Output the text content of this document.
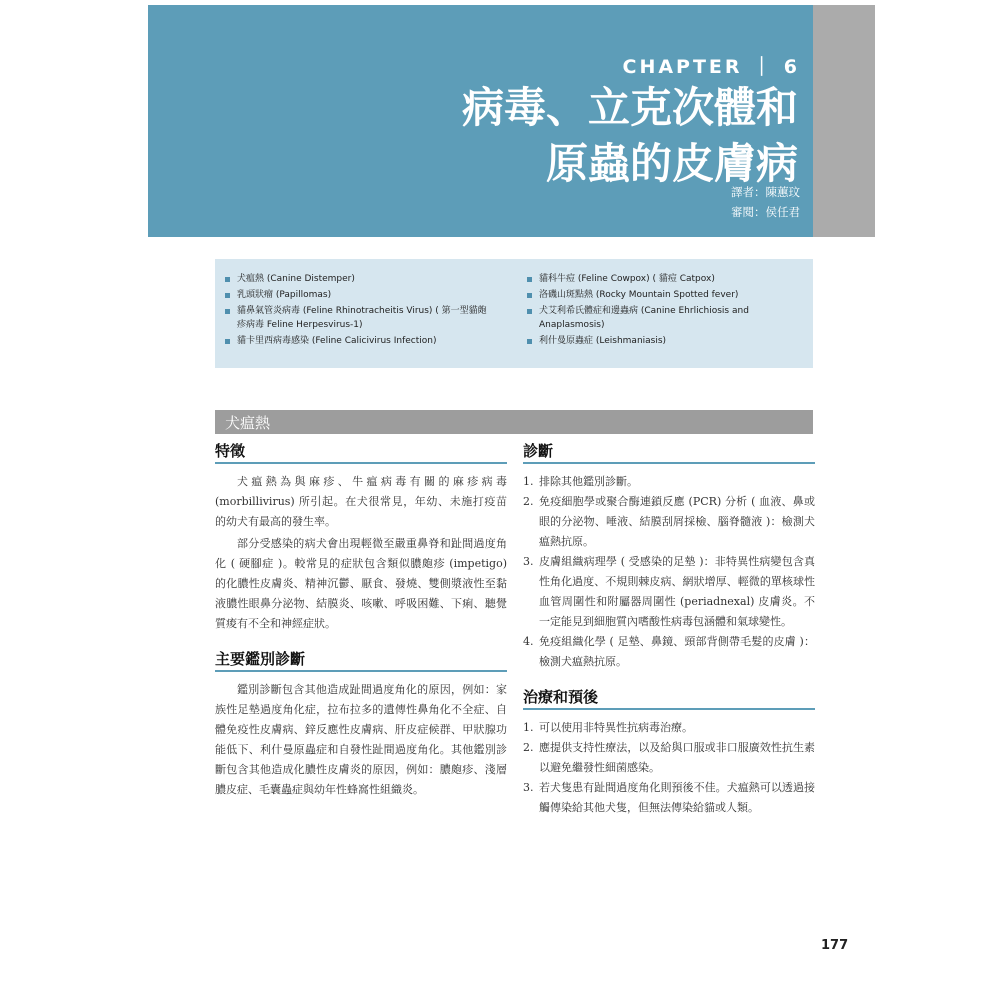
CHAPTER ｜ 6
病毒、立克次體和
原蟲的皮膚病
譯者：陳蕙玟
審閱：侯任君
犬瘟熱 (Canine Distemper)
乳頭狀瘤 (Papillomas)
貓鼻氣管炎病毒 (Feline Rhinotracheitis Virus) ( 第一型貓皰疹病毒 Feline Herpesvirus-1)
貓卡里西病毒感染 (Feline Calicivirus Infection)
貓科牛痘 (Feline Cowpox) ( 貓痘 Catpox)
洛磯山斑點熱 (Rocky Mountain Spotted fever)
犬艾利希氏體症和邊蟲病 (Canine Ehrlichiosis and Anaplasmosis)
利什曼原蟲症 (Leishmaniasis)
犬瘟熱
特徵

犬瘟熱為與麻疹、牛瘟病毒有關的麻疹病毒 (morbillivirus) 所引起。在犬很常見，年幼、未施打疫苗的幼犬有最高的發生率。

部分受感染的病犬會出現輕微至嚴重鼻脊和趾間過度角化 ( 硬腳症 )。較常見的症狀包含類似膿皰疹 (impetigo) 的化膿性皮膚炎、精神沉鬱、厭食、發燒、雙側漿液性至黏液膿性眼鼻分泌物、結膜炎、咳嗽、呼吸困難、下痢、聽覺質痠有不全和神經症狀。

主要鑑別診斷

鑑別診斷包含其他造成趾間過度角化的原因，例如：家族性足墊過度角化症，拉布拉多的遺傳性鼻角化不全症、自體免疫性皮膚病、鋅反應性皮膚病、肝皮症候群、甲狀腺功能低下、利什曼原蟲症和自發性趾間過度角化。其他鑑別診斷包含其他造成化膿性皮膚炎的原因，例如：膿皰疹、淺層膿皮症、毛囊蟲症與幼年性蜂窩性組織炎。

診斷
1. 排除其他鑑別診斷。
2. 免疫細胞學或聚合酶連鎖反應 (PCR) 分析 ( 血液、鼻或眼的分泌物、唾液、結膜刮屑採檢、腦脊髓液 )：檢測犬瘟熱抗原。
3. 皮膚組織病理學 ( 受感染的足墊 )：非特異性病變包含真性角化過度、不規則棘皮病、網狀增厚、輕微的單核球性血管周圍性和附屬器周圍性 (periadnexal) 皮膚炎。不一定能見到細胞質內嗜酸性病毒包涵體和氣球變性。
4. 免疫組織化學 ( 足墊、鼻鏡、頸部背側帶毛髮的皮膚 )：檢測犬瘟熱抗原。
治療和預後
1. 可以使用非特異性抗病毒治療。
2. 應提供支持性療法，以及給與口服或非口服廣效性抗生素以避免繼發性細菌感染。
3. 若犬隻患有趾間過度角化則預後不佳。犬瘟熱可以透過接觸傳染給其他犬隻，但無法傳染給貓或人類。
177
